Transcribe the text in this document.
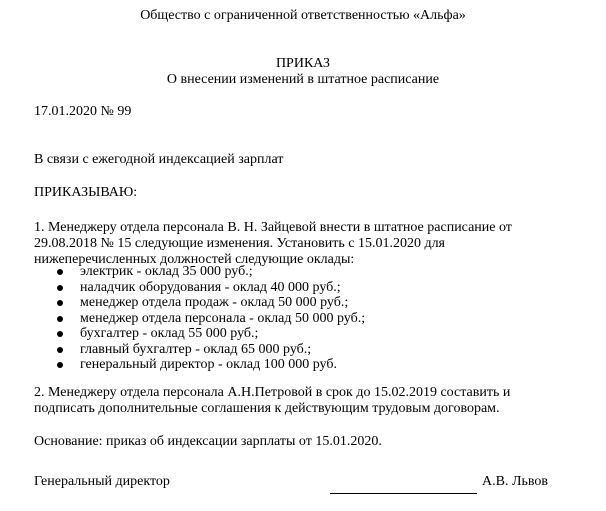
Общество с ограниченной ответственностью «Альфа»
ПРИКАЗ
О внесении изменений в штатное расписание
17.01.2020 № 99
В связи с ежегодной индексацией зарплат
ПРИКАЗЫВАЮ:
1. Менеджеру отдела персонала В. Н. Зайцевой внести в штатное расписание от
29.08.2018 № 15 следующие изменения. Установить с 15.01.2020 для
нижеперечисленных должностей следующие оклады:
электрик - оклад 35 000 руб.;
наладчик оборудования - оклад 40 000 руб.;
менеджер отдела продаж - оклад 50 000 руб.;
менеджер отдела персонала - оклад 50 000 руб.;
бухгалтер - оклад 55 000 руб.;
главный бухгалтер - оклад 65 000 руб.;
генеральный директор - оклад 100 000 руб.
2. Менеджеру отдела персонала А.Н.Петровой в срок до 15.02.2019 составить и
подписать дополнительные соглашения к действующим трудовым договорам.
Основание: приказ об индексации зарплаты от 15.01.2020.
Генеральный директор	А.В. Львов
